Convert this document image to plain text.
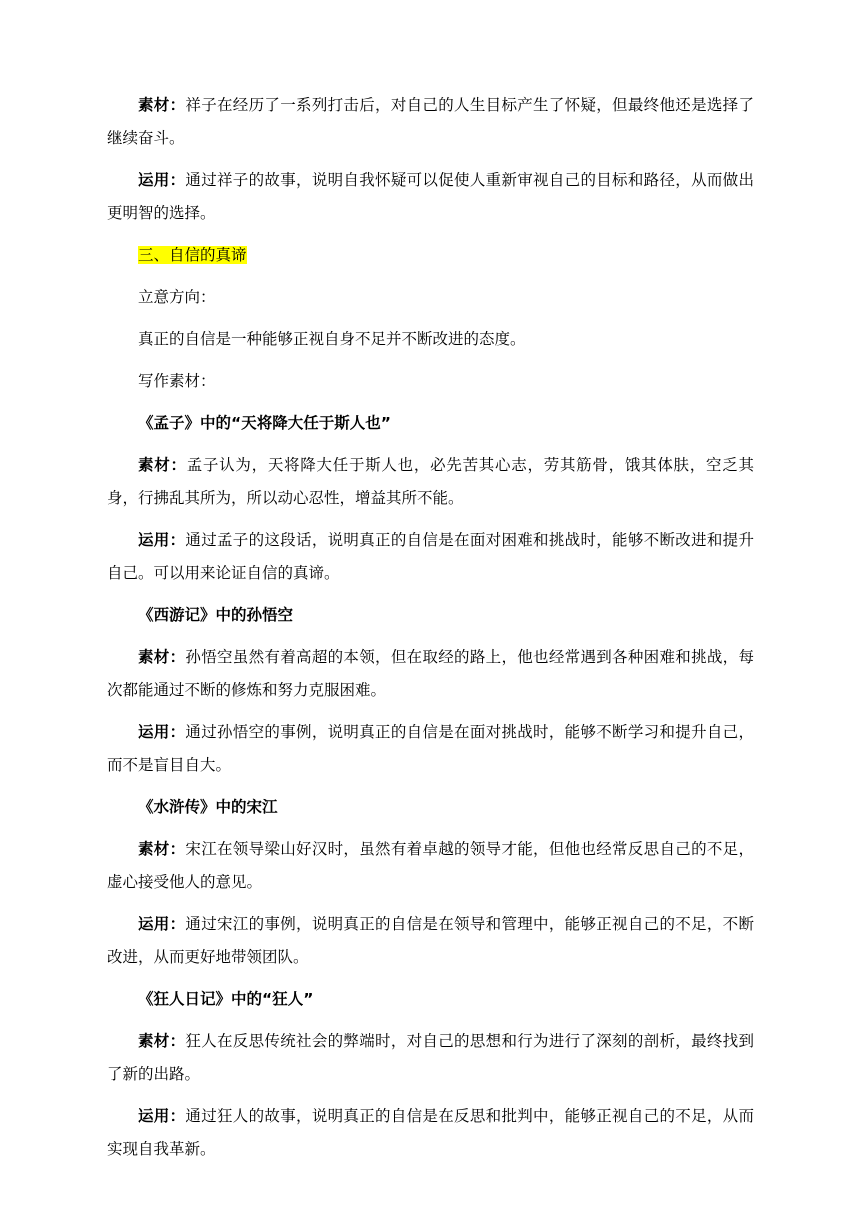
素材：祥子在经历了一系列打击后，对自己的人生目标产生了怀疑，但最终他还是选择了继续奋斗。

运用：通过祥子的故事，说明自我怀疑可以促使人重新审视自己的目标和路径，从而做出更明智的选择。

三、自信的真谛

立意方向：

真正的自信是一种能够正视自身不足并不断改进的态度。

写作素材：

《孟子》中的“天将降大任于斯人也”

素材：孟子认为，天将降大任于斯人也，必先苦其心志，劳其筋骨，饿其体肤，空乏其身，行拂乱其所为，所以动心忍性，增益其所不能。

运用：通过孟子的这段话，说明真正的自信是在面对困难和挑战时，能够不断改进和提升自己。可以用来论证自信的真谛。

《西游记》中的孙悟空

素材：孙悟空虽然有着高超的本领，但在取经的路上，他也经常遇到各种困难和挑战，每次都能通过不断的修炼和努力克服困难。

运用：通过孙悟空的事例，说明真正的自信是在面对挑战时，能够不断学习和提升自己，而不是盲目自大。

《水浒传》中的宋江

素材：宋江在领导梁山好汉时，虽然有着卓越的领导才能，但他也经常反思自己的不足，虚心接受他人的意见。

运用：通过宋江的事例，说明真正的自信是在领导和管理中，能够正视自己的不足，不断改进，从而更好地带领团队。

《狂人日记》中的“狂人”

素材：狂人在反思传统社会的弊端时，对自己的思想和行为进行了深刻的剖析，最终找到了新的出路。

运用：通过狂人的故事，说明真正的自信是在反思和批判中，能够正视自己的不足，从而实现自我革新。
